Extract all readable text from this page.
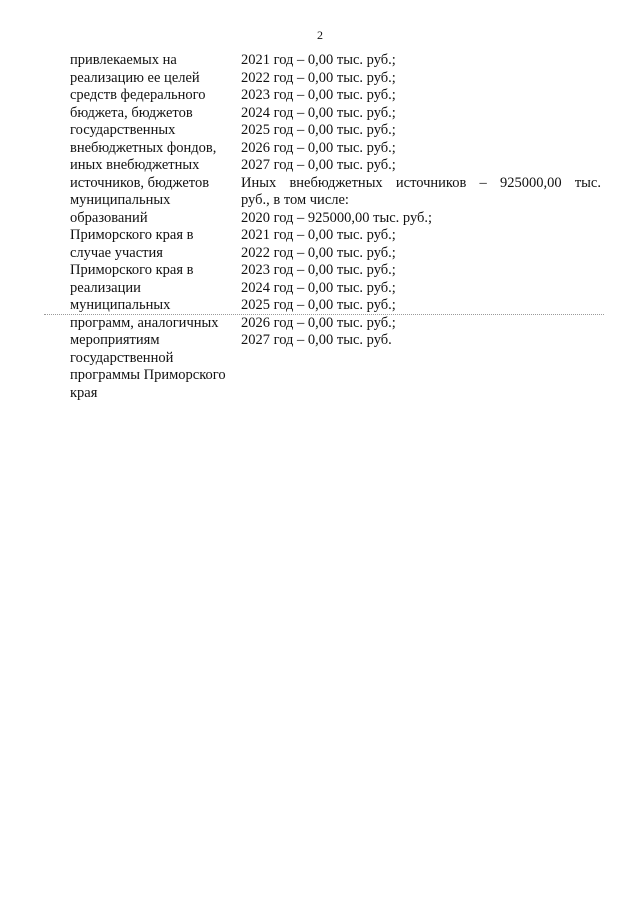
2
привлекаемых на
реализацию ее целей
средств федерального
бюджета, бюджетов
государственных
внебюджетных фондов,
иных внебюджетных
источников, бюджетов
муниципальных
образований
Приморского края в
случае участия
Приморского края в
реализации
муниципальных
программ, аналогичных
мероприятиям
государственной
программы Приморского
края
2021 год – 0,00 тыс. руб.;
2022 год – 0,00 тыс. руб.;
2023 год – 0,00 тыс. руб.;
2024 год – 0,00 тыс. руб.;
2025 год – 0,00 тыс. руб.;
2026 год – 0,00 тыс. руб.;
2027 год – 0,00 тыс. руб.;
Иных внебюджетных источников – 925000,00 тыс.
руб., в том числе:
2020 год – 925000,00 тыс. руб.;
2021 год – 0,00 тыс. руб.;
2022 год – 0,00 тыс. руб.;
2023 год – 0,00 тыс. руб.;
2024 год – 0,00 тыс. руб.;
2025 год – 0,00 тыс. руб.;
2026 год – 0,00 тыс. руб.;
2027 год – 0,00 тыс. руб.
